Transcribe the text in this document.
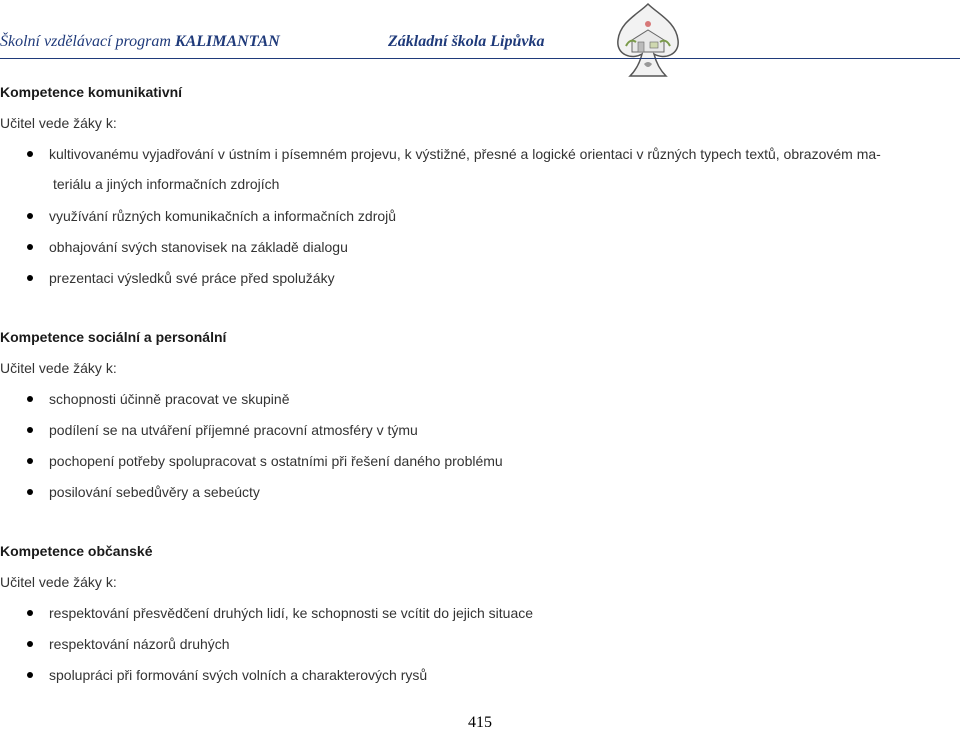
Školní vzdělávací program KALIMANTAN	Základní škola Lipůvka
Kompetence komunikativní
Učitel vede žáky k:
kultivovanému vyjadřování v ústním i písemném projevu, k výstižné, přesné a logické orientaci v různých typech textů, obrazovém ma-
teriálu a jiných informačních zdrojích
využívání různých komunikačních a informačních zdrojů
obhajování svých stanovisek na základě dialogu
prezentaci výsledků své práce před spolužáky
Kompetence sociální a personální
Učitel vede žáky k:
schopnosti účinně pracovat ve skupině
podílení se na utváření příjemné pracovní atmosféry v týmu
pochopení potřeby spolupracovat s ostatními při řešení daného problému
posilování sebedůvěry a sebeúcty
Kompetence občanské
Učitel vede žáky k:
respektování přesvědčení druhých lidí, ke schopnosti se vcítit do jejich situace
respektování názorů druhých
spolupráci při formování svých volních a charakterových rysů
415
